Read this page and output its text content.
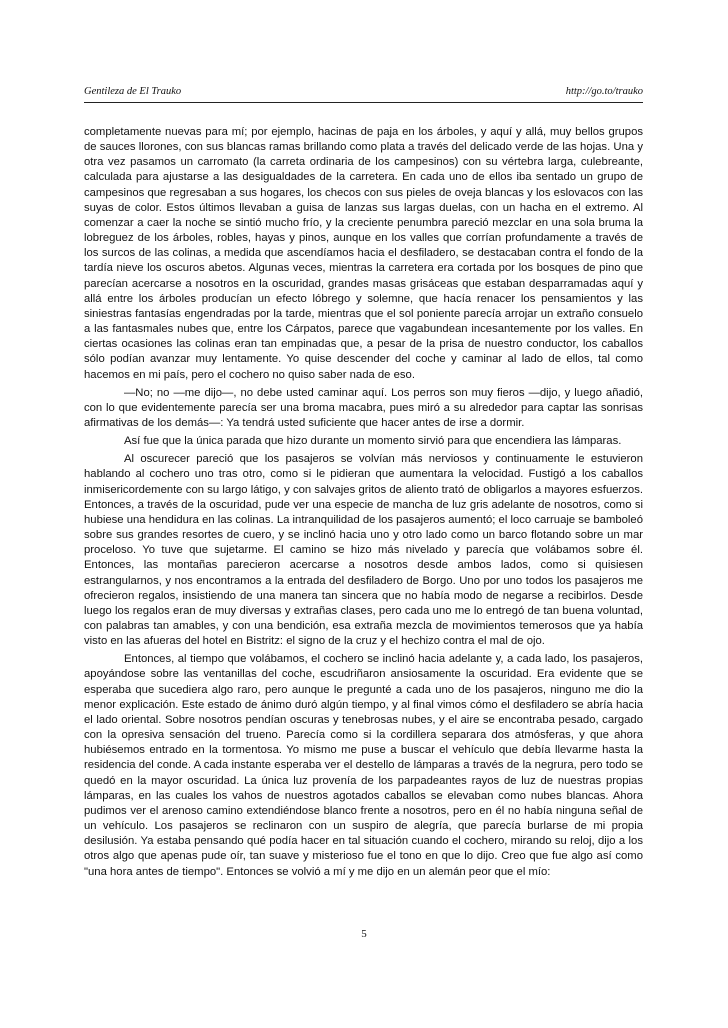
Gentileza de El Trauko	http://go.to/trauko

completamente nuevas para mí; por ejemplo, hacinas de paja en los árboles, y aquí y allá, muy bellos grupos de sauces llorones, con sus blancas ramas brillando como plata a través del delicado verde de las hojas. Una y otra vez pasamos un carromato (la carreta ordinaria de los campesinos) con su vértebra larga, culebreante, calculada para ajustarse a las desigualdades de la carretera. En cada uno de ellos iba sentado un grupo de campesinos que regresaban a sus hogares, los checos con sus pieles de oveja blancas y los eslovacos con las suyas de color. Estos últimos llevaban a guisa de lanzas sus largas duelas, con un hacha en el extremo. Al comenzar a caer la noche se sintió mucho frío, y la creciente penumbra pareció mezclar en una sola bruma la lobreguez de los árboles, robles, hayas y pinos, aunque en los valles que corrían profundamente a través de los surcos de las colinas, a medida que ascendíamos hacia el desfiladero, se destacaban contra el fondo de la tardía nieve los oscuros abetos. Algunas veces, mientras la carretera era cortada por los bosques de pino que parecían acercarse a nosotros en la oscuridad, grandes masas grisáceas que estaban desparramadas aquí y allá entre los árboles producían un efecto lóbrego y solemne, que hacía renacer los pensamientos y las siniestras fantasías engendradas por la tarde, mientras que el sol poniente parecía arrojar un extraño consuelo a las fantasmales nubes que, entre los Cárpatos, parece que vagabundean incesantemente por los valles. En ciertas ocasiones las colinas eran tan empinadas que, a pesar de la prisa de nuestro conductor, los caballos sólo podían avanzar muy lentamente. Yo quise descender del coche y caminar al lado de ellos, tal como hacemos en mi país, pero el cochero no quiso saber nada de eso.

—No; no —me dijo—, no debe usted caminar aquí. Los perros son muy fieros —dijo, y luego añadió, con lo que evidentemente parecía ser una broma macabra, pues miró a su alrededor para captar las sonrisas afirmativas de los demás—: Ya tendrá usted suficiente que hacer antes de irse a dormir.

Así fue que la única parada que hizo durante un momento sirvió para que encendiera las lámparas.

Al oscurecer pareció que los pasajeros se volvían más nerviosos y continuamente le estuvieron hablando al cochero uno tras otro, como si le pidieran que aumentara la velocidad. Fustigó a los caballos inmisericordemente con su largo látigo, y con salvajes gritos de aliento trató de obligarlos a mayores esfuerzos. Entonces, a través de la oscuridad, pude ver una especie de mancha de luz gris adelante de nosotros, como si hubiese una hendidura en las colinas. La intranquilidad de los pasajeros aumentó; el loco carruaje se bamboleó sobre sus grandes resortes de cuero, y se inclinó hacia uno y otro lado como un barco flotando sobre un mar proceloso. Yo tuve que sujetarme. El camino se hizo más nivelado y parecía que volábamos sobre él. Entonces, las montañas parecieron acercarse a nosotros desde ambos lados, como si quisiesen estrangularnos, y nos encontramos a la entrada del desfiladero de Borgo. Uno por uno todos los pasajeros me ofrecieron regalos, insistiendo de una manera tan sincera que no había modo de negarse a recibirlos. Desde luego los regalos eran de muy diversas y extrañas clases, pero cada uno me lo entregó de tan buena voluntad, con palabras tan amables, y con una bendición, esa extraña mezcla de movimientos temerosos que ya había visto en las afueras del hotel en Bistritz: el signo de la cruz y el hechizo contra el mal de ojo.

Entonces, al tiempo que volábamos, el cochero se inclinó hacia adelante y, a cada lado, los pasajeros, apoyándose sobre las ventanillas del coche, escudriñaron ansiosamente la oscuridad. Era evidente que se esperaba que sucediera algo raro, pero aunque le pregunté a cada uno de los pasajeros, ninguno me dio la menor explicación. Este estado de ánimo duró algún tiempo, y al final vimos cómo el desfiladero se abría hacia el lado oriental. Sobre nosotros pendían oscuras y tenebrosas nubes, y el aire se encontraba pesado, cargado con la opresiva sensación del trueno. Parecía como si la cordillera separara dos atmósferas, y que ahora hubiésemos entrado en la tormentosa. Yo mismo me puse a buscar el vehículo que debía llevarme hasta la residencia del conde. A cada instante esperaba ver el destello de lámparas a través de la negrura, pero todo se quedó en la mayor oscuridad. La única luz provenía de los parpadeantes rayos de luz de nuestras propias lámparas, en las cuales los vahos de nuestros agotados caballos se elevaban como nubes blancas. Ahora pudimos ver el arenoso camino extendiéndose blanco frente a nosotros, pero en él no había ninguna señal de un vehículo. Los pasajeros se reclinaron con un suspiro de alegría, que parecía burlarse de mi propia desilusión. Ya estaba pensando qué podía hacer en tal situación cuando el cochero, mirando su reloj, dijo a los otros algo que apenas pude oír, tan suave y misterioso fue el tono en que lo dijo. Creo que fue algo así como "una hora antes de tiempo". Entonces se volvió a mí y me dijo en un alemán peor que el mío:

5
